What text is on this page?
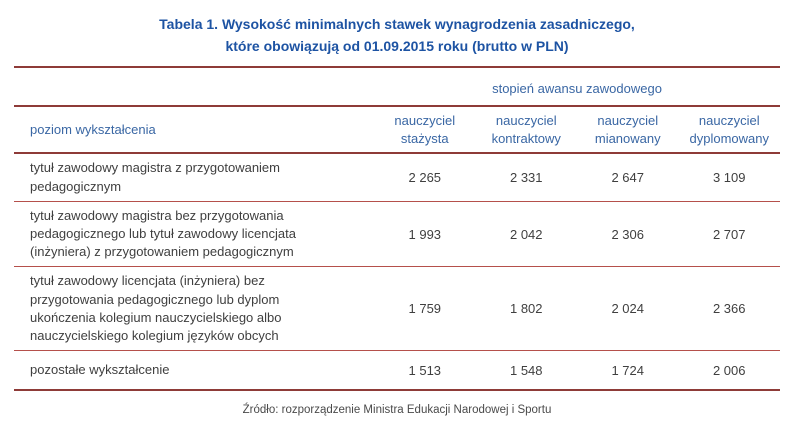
Tabela 1. Wysokość minimalnych stawek wynagrodzenia zasadniczego,
które obowiązują od 01.09.2015 roku (brutto w PLN)
	stopień awansu zawodowego			
poziom wykształcenia	nauczyciel stażysta	nauczyciel kontraktowy	nauczyciel mianowany	nauczyciel dyplomowany

tytuł zawodowy magistra z przygotowaniem pedagogicznym	2 265	2 331	2 647	3 109

tytuł zawodowy magistra bez przygotowania pedagogicznego lub tytuł zawodowy licencjata (inżyniera) z przygotowaniem pedagogicznym	1 993	2 042	2 306	2 707

tytuł zawodowy licencjata (inżyniera) bez przygotowania pedagogicznego lub dyplom ukończenia kolegium nauczycielskiego albo nauczycielskiego kolegium języków obcych	1 759	1 802	2 024	2 366

pozostałe wykształcenie	1 513	1 548	1 724	2 006
Źródło: rozporządzenie Ministra Edukacji Narodowej i Sportu
